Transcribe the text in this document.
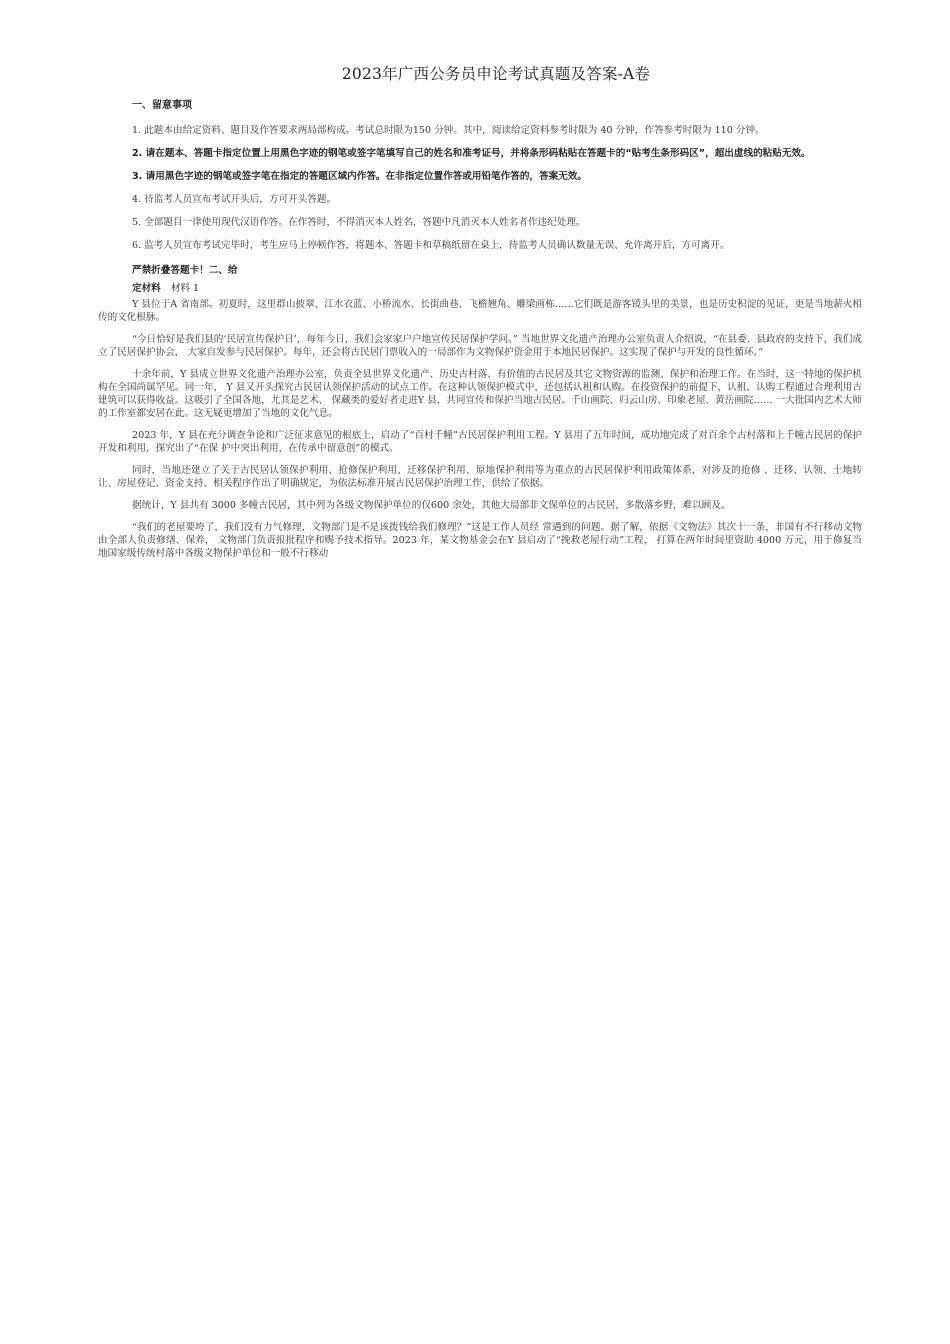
2023年广西公务员申论考试真题及答案-A卷
一、留意事项

1. 此题本由给定资料、题目及作答要求两局部构成。考试总时限为150 分钟。其中，阅读给定资料参考时限为 40 分钟，作答参考时限为 110 分钟。

2. 请在题本、答题卡指定位置上用黑色字迹的钢笔或签字笔填写自己的姓名和准考证号，并将条形码粘贴在答题卡的“贴考生条形码区”，超出虚线的粘贴无效。

3. 请用黑色字迹的钢笔或签字笔在指定的答题区域内作答。在非指定位置作答或用铅笔作答的，答案无效。

4. 待监考人员宣布考试开头后，方可开头答题。

5. 全部题目一律使用现代汉语作答。在作答时，不得消灭本人姓名，答题中凡消灭本人姓名者作违纪处理。

6. 监考人员宣布考试完毕时，考生应马上停顿作答，将题本、答题卡和草稿纸留在桌上，待监考人员确认数量无误、允许离开后，方可离开。

严禁折叠答题卡！二、给
定材料 材料 1

Y 县位于A 省南部。初夏时，这里群山披翠、江水衣蓝、小桥流水、长街曲巷、飞檐翘角、雕梁画栋……它们既是游客镜头里的美景，也是历史积淀的见证，更是当地薪火相传的文化根脉。

“今日恰好是我们县的‘民居宣传保护日’，每年今日，我们会家家户户地宣传民居保护学问。” 当地世界文化遗产治理办公室负责人介绍说，“在县委、县政府的支持下，我们成立了民居保护协会， 大家自发参与民居保护。每年，还会将古民居门票收入的一局部作为文物保护资金用于本地民居保护。这实现了保护与开发的良性循环。”

十余年前，Y 县成立世界文化遗产治理办公室，负责全县世界文化遗产、历史古村落、有价值的古民居及其它文物资源的监测、保护和治理工作。在当时，这一特地的保护机构在全国尚属罕见。同一年， Y 县又开头探究古民居认领保护活动的试点工作。在这种认领保护模式中，还包括认租和认购。在投资保护的前提下，认租、认购工程通过合理利用古建筑可以获得收益。这吸引了全国各地，尤其是艺术、 保藏类的爱好者走进Y 县，共同宣传和保护当地古民居。千山画院、归云山房、印象老屋、黄岳画院…… 一大批国内艺术大师的工作室都安居在此。这无疑更增加了当地的文化气息。

2023 年，Y 县在充分调查争论和广泛征求意见的根底上，启动了“百村千幢”古民居保护利用工程。Y 县用了五年时间，成功地完成了对百余个古村落和上千幢古民居的保护开发和利用，探究出了“在保 护中突出利用，在传承中留意创”的模式。

同时，当地还建立了关于古民居认领保护利用、抢修保护利用、迁移保护利用、原地保护利用等为重点的古民居保护利用政策体系，对涉及的抢修 、迁移、认领、土地转让、房屋登记、资金支持、相关程序作出了明确规定，为依法标准开展古民居保护治理工作，供给了依据。

据统计，Y 县共有 3000 多幢古民居，其中列为各级文物保护单位的仅600 余处，其他大局部非文保单位的古民居，多散落乡野，难以顾及。

“我们的老屋要垮了，我们没有力气修理，文物部门是不是该拨钱给我们修理？”这是工作人员经 常遇到的问题。据了解，依据《文物法》其次十一条，非国有不行移动文物由全部人负责修缮、保养， 文物部门负责报批程序和赐予技术指导。2023 年，某文物基金会在Y 县启动了“挽救老屋行动”工程， 打算在两年时间里资助 4000 万元，用于修复当地国家级传统村落中各级文物保护单位和一般不行移动
